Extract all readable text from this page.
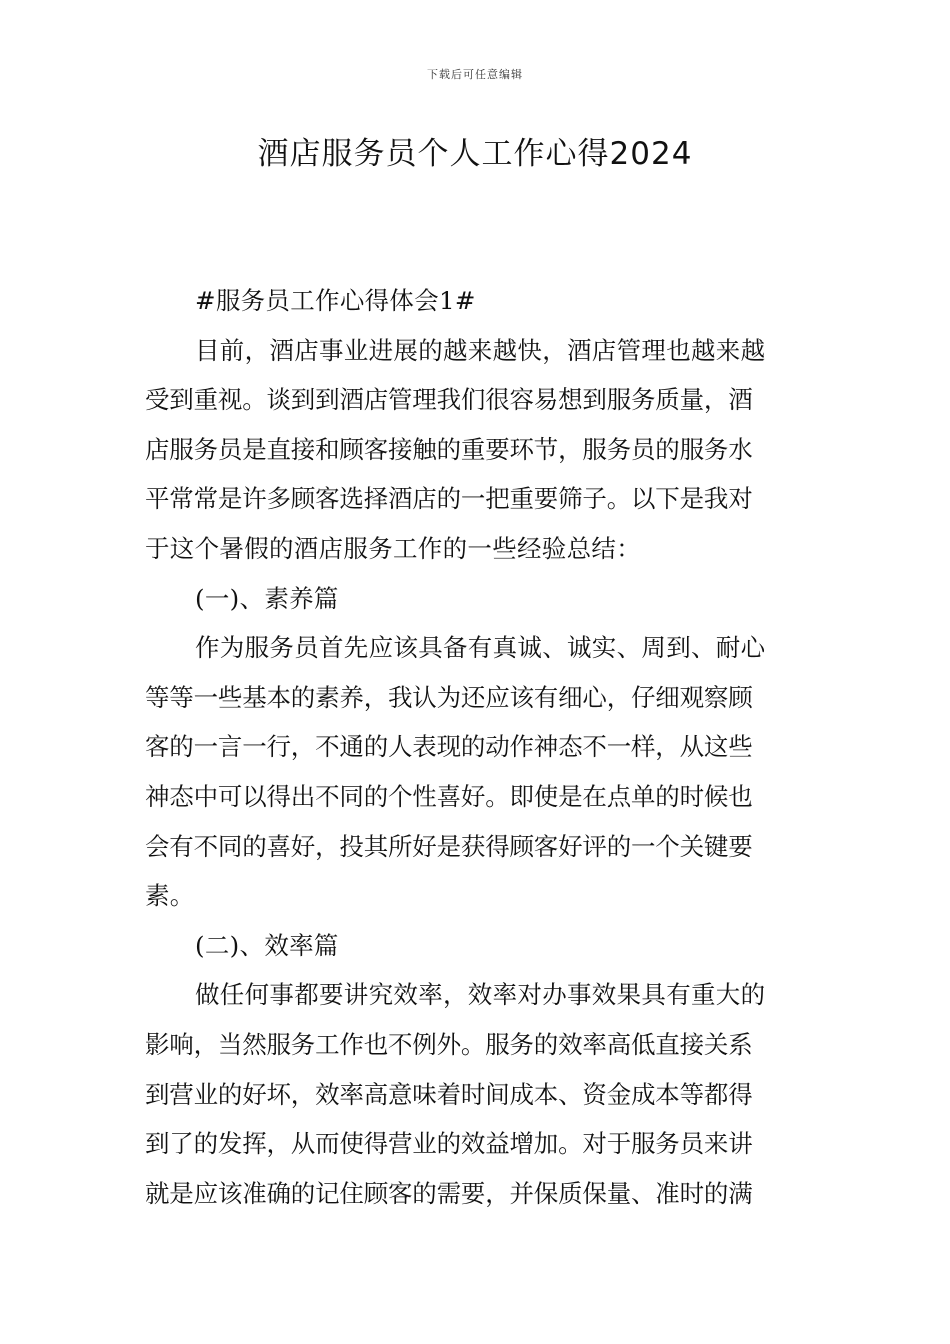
下载后可任意编辑
酒店服务员个人工作心得2024
#服务员工作心得体会1#
目前，酒店事业进展的越来越快，酒店管理也越来越
受到重视。谈到到酒店管理我们很容易想到服务质量，酒
店服务员是直接和顾客接触的重要环节，服务员的服务水
平常常是许多顾客选择酒店的一把重要筛子。以下是我对
于这个暑假的酒店服务工作的一些经验总结：
(一)、素养篇
作为服务员首先应该具备有真诚、诚实、周到、耐心
等等一些基本的素养，我认为还应该有细心，仔细观察顾
客的一言一行，不通的人表现的动作神态不一样，从这些
神态中可以得出不同的个性喜好。即使是在点单的时候也
会有不同的喜好，投其所好是获得顾客好评的一个关键要
素。
(二)、效率篇
做任何事都要讲究效率，效率对办事效果具有重大的
影响，当然服务工作也不例外。服务的效率高低直接关系
到营业的好坏，效率高意味着时间成本、资金成本等都得
到了的发挥，从而使得营业的效益增加。对于服务员来讲
就是应该准确的记住顾客的需要，并保质保量、准时的满
